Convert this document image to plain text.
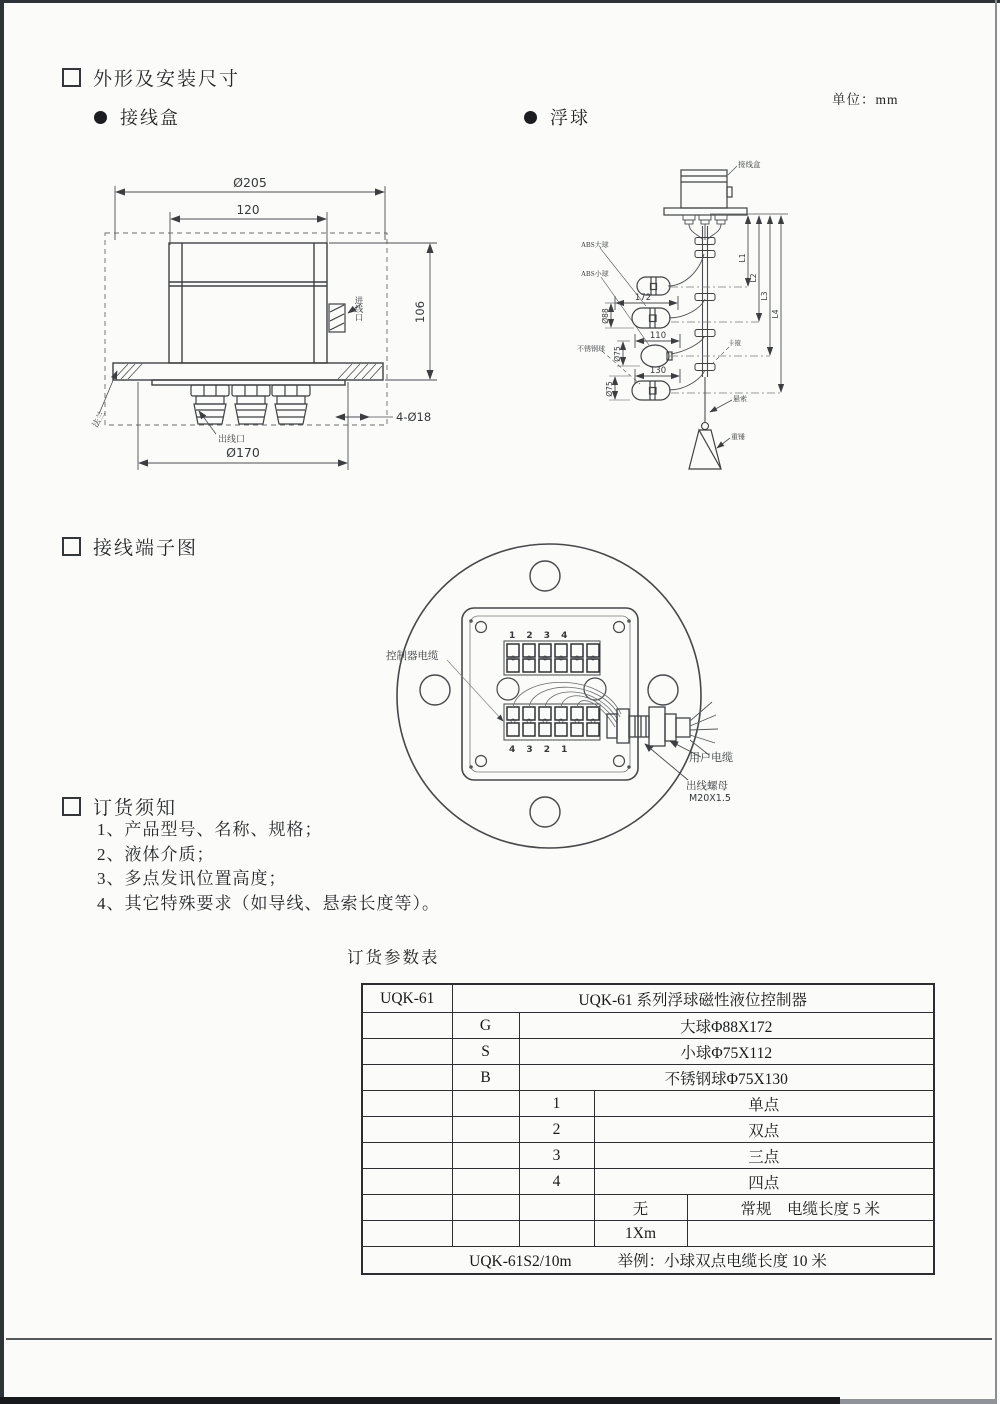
外形及安装尺寸
单位：mm
接线盒	浮球
Ø205
120
106
Ø170
4-Ø18
进线口
出线口
法兰
接线盒
ABS大球
ABS小球
不锈钢球
卡箍
悬索
重锤
172
Ø88
110
Ø75
130
Ø75
L1
L2
L3
L4
接线端子图
1 2 3 4
4 3 2 1
控制器电缆
用户电缆
出线螺母
M20X1.5
订货须知
1、产品型号、名称、规格；
2、液体介质；
3、多点发讯位置高度；
4、其它特殊要求（如导线、悬索长度等）。
订货参数表
UQK-61	UQK-61 系列浮球磁性液位控制器			
	G	大球Φ88X172		
	S	小球Φ75X112		
	B	不锈钢球Φ75X130		
		1	单点	
		2	双点	
		3	三点	
		4	四点	
			无	常规　电缆长度 5 米
			1Xm	
UQK-61S2/10m 举例：小球双点电缆长度 10 米				
